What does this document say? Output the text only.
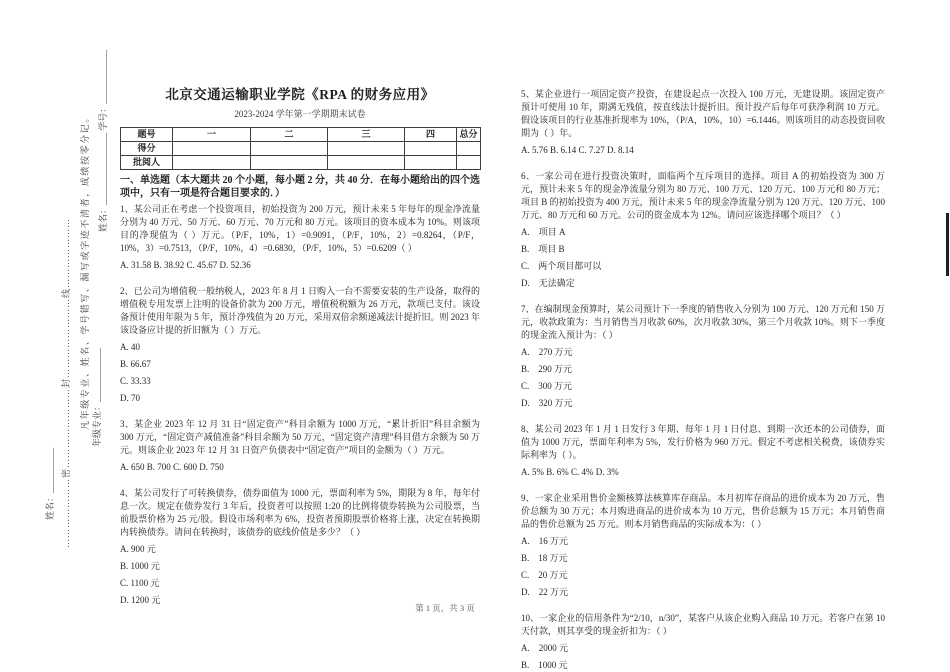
姓名：________________ 学号：____________
凡年级专业、姓名、学号错写、漏写或字迹不清者，成绩按零分记。 年级专业：____________
姓名：__________ …………………密……………………封……………………线…………………
北京交通运输职业学院《RPA 的财务应用》
2023-2024 学年第一学期期末试卷
题号	一	二	三	四	总分
得分					
批阅人					
一、单选题（本大题共 20 个小题，每小题 2 分，共 40 分．在每小题给出的四个选项中，只有一项是符合题目要求的．）

1、某公司正在考虑一个投资项目，初始投资为 200 万元，预计未来 5 年每年的现金净流量分别为 40 万元、50 万元、60 万元、70 万元和 80 万元。该项目的资本成本为 10%。则该项目的净现值为（ ）万元。（P/F，10%，1）=0.9091，（P/F，10%，2）=0.8264，（P/F，10%，3）=0.7513，（P/F，10%，4）=0.6830，（P/F，10%，5）=0.6209（ ）

A. 31.58 B. 38.92 C. 45.67 D. 52.36

2、已公司为增值税一般纳税人，2023 年 8 月 1 日购入一台不需要安装的生产设备，取得的增值税专用发票上注明的设备价款为 200 万元，增值税税额为 26 万元，款项已支付。该设备预计使用年限为 5 年，预计净残值为 20 万元，采用双倍余额递减法计提折旧。则 2023 年该设备应计提的折旧额为（ ）万元。

A. 40
B. 66.67
C. 33.33
D. 70

3、某企业 2023 年 12 月 31 日“固定资产”科目余额为 1000 万元，“累计折旧”科目余额为 300 万元，“固定资产减值准备”科目余额为 50 万元，“固定资产清理”科目借方余额为 50 万元。则该企业 2023 年 12 月 31 日资产负债表中“固定资产”项目的金额为（ ）万元。

A. 650 B. 700 C. 600 D. 750

4、某公司发行了可转换债券，债券面值为 1000 元，票面利率为 5%，期限为 8 年，每年付息一次。规定在债券发行 3 年后，投资者可以按照 1:20 的比例将债券转换为公司股票，当前股票价格为 25 元/股。假设市场利率为 6%，投资者预期股票价格将上涨，决定在转换期内转换债券。请问在转换时，该债券的底线价值是多少？（ ）

A. 900 元
B. 1000 元
C. 1100 元
D. 1200 元

5、某企业进行一项固定资产投资，在建设起点一次投入 100 万元，无建设期。该固定资产预计可使用 10 年，期满无残值，按直线法计提折旧。预计投产后每年可获净利润 10 万元。假设该项目的行业基准折现率为 10%，（P/A，10%，10）=6.1446。则该项目的动态投资回收期为（ ）年。

A. 5.76 B. 6.14 C. 7.27 D. 8.14

6、一家公司在进行投资决策时，面临两个互斥项目的选择。项目 A 的初始投资为 300 万元，预计未来 5 年的现金净流量分别为 80 万元、100 万元、120 万元、100 万元和 80 万元；项目 B 的初始投资为 400 万元，预计未来 5 年的现金净流量分别为 120 万元、120 万元、100 万元、80 万元和 60 万元。公司的资金成本为 12%。请问应该选择哪个项目？（ ）

A.　项目 A
B.　项目 B
C.　两个项目都可以
D.　无法确定

7、在编制现金预算时，某公司预计下一季度的销售收入分别为 100 万元、120 万元和 150 万元，收款政策为：当月销售当月收款 60%，次月收款 30%，第三个月收款 10%。则下一季度的现金流入预计为：（ ）

A.　270 万元
B.　290 万元
C.　300 万元
D.　320 万元

8、某公司 2023 年 1 月 1 日发行 3 年期、每年 1 月 1 日付息、到期一次还本的公司债券，面值为 1000 万元，票面年利率为 5%，发行价格为 960 万元。假定不考虑相关税费，该债券实际利率为（ ）。

A. 5% B. 6% C. 4% D. 3%

9、一家企业采用售价金额核算法核算库存商品。本月初库存商品的进价成本为 20 万元，售价总额为 30 万元；本月购进商品的进价成本为 10 万元，售价总额为 15 万元；本月销售商品的售价总额为 25 万元。则本月销售商品的实际成本为：（ ）

A.　16 万元
B.　18 万元
C.　20 万元
D.　22 万元

10、一家企业的信用条件为“2/10，n/30”，某客户从该企业购入商品 10 万元。若客户在第 10 天付款，则其享受的现金折扣为：（ ）

A.　2000 元
B.　1000 元
第 1 页，共 3 页
